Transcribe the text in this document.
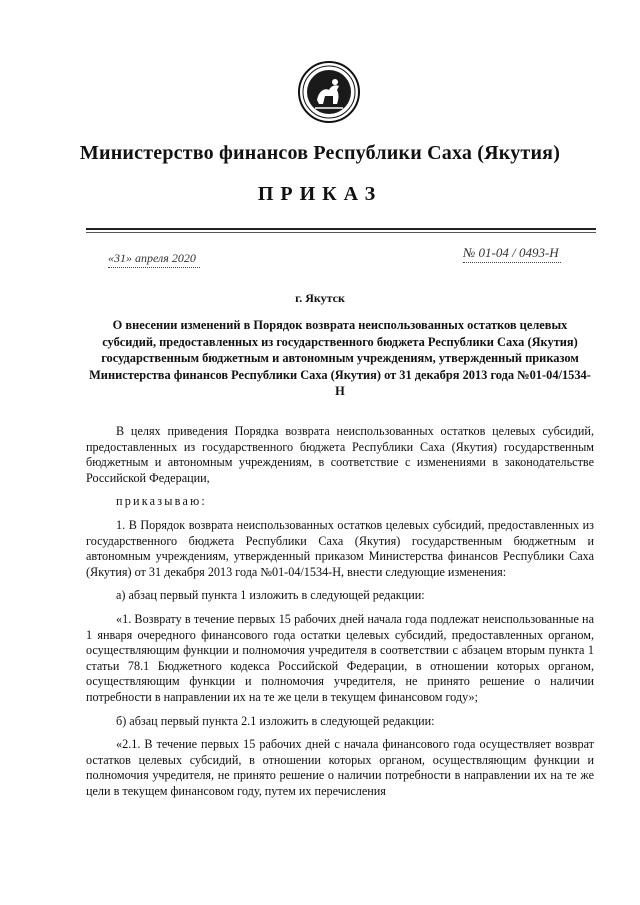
Министерство финансов Республики Саха (Якутия)
ПРИКАЗ
«31» апреля 2020	№ 01-04 / 0493-Н
г. Якутск
О внесении изменений в Порядок возврата неиспользованных остатков целевых субсидий, предоставленных из государственного бюджета Республики Саха (Якутия) государственным бюджетным и автономным учреждениям, утвержденный приказом Министерства финансов Республики Саха (Якутия) от 31 декабря 2013 года №01-04/1534-Н

В целях приведения Порядка возврата неиспользованных остатков целевых субсидий, предоставленных из государственного бюджета Республики Саха (Якутия) государственным бюджетным и автономным учреждениям, в соответствие с изменениями в законодательстве Российской Федерации,

приказываю:

1. В Порядок возврата неиспользованных остатков целевых субсидий, предоставленных из государственного бюджета Республики Саха (Якутия) государственным бюджетным и автономным учреждениям, утвержденный приказом Министерства финансов Республики Саха (Якутия) от 31 декабря 2013 года №01-04/1534-Н, внести следующие изменения:

а) абзац первый пункта 1 изложить в следующей редакции:

«1. Возврату в течение первых 15 рабочих дней начала года подлежат неиспользованные на 1 января очередного финансового года остатки целевых субсидий, предоставленных органом, осуществляющим функции и полномочия учредителя в соответствии с абзацем вторым пункта 1 статьи 78.1 Бюджетного кодекса Российской Федерации, в отношении которых органом, осуществляющим функции и полномочия учредителя, не принято решение о наличии потребности в направлении их на те же цели в текущем финансовом году»;

б) абзац первый пункта 2.1 изложить в следующей редакции:

«2.1. В течение первых 15 рабочих дней с начала финансового года осуществляет возврат остатков целевых субсидий, в отношении которых органом, осуществляющим функции и полномочия учредителя, не принято решение о наличии потребности в направлении их на те же цели в текущем финансовом году, путем их перечисления
